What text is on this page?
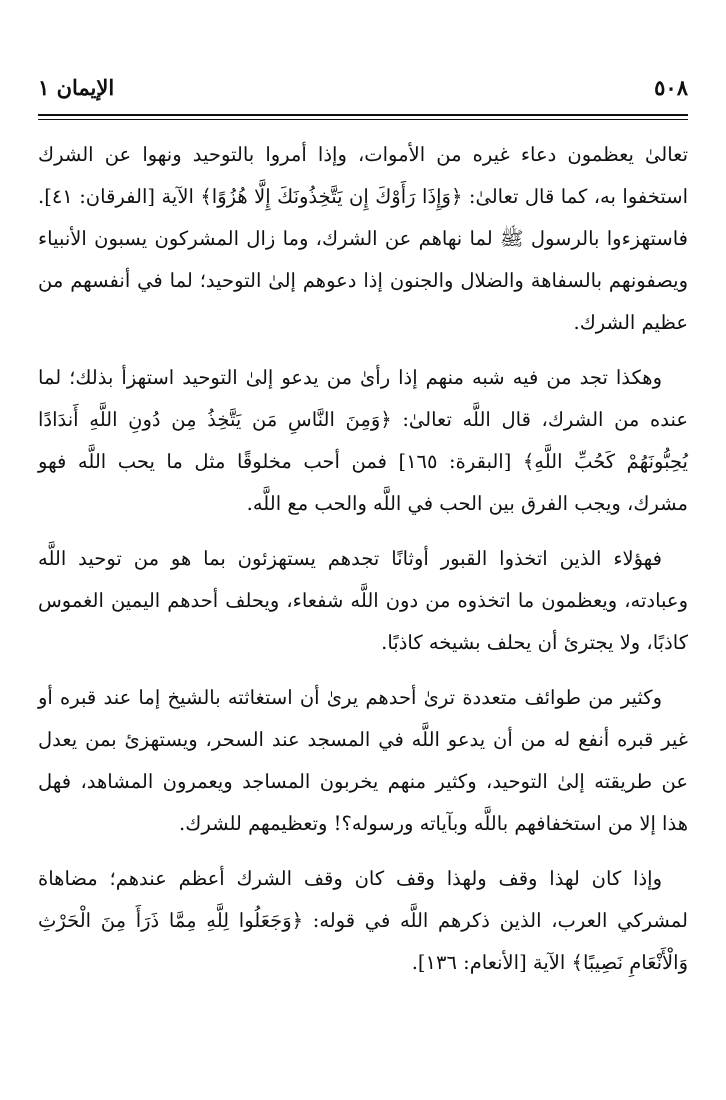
٥٠٨
الإيمان ١

تعالىٰ يعظمون دعاء غيره من الأموات، وإذا أمروا بالتوحيد ونهوا عن الشرك استخفوا به، كما قال تعالىٰ: ﴿وَإِذَا رَأَوْكَ إِن يَتَّخِذُونَكَ إِلَّا هُزُوًا﴾ الآية [الفرقان: ٤١]. فاستهزءوا بالرسول ﷺ لما نهاهم عن الشرك، وما زال المشركون يسبون الأنبياء ويصفونهم بالسفاهة والضلال والجنون إذا دعوهم إلىٰ التوحيد؛ لما في أنفسهم من عظيم الشرك.

وهكذا تجد من فيه شبه منهم إذا رأىٰ من يدعو إلىٰ التوحيد استهزأ بذلك؛ لما عنده من الشرك، قال اللَّه تعالىٰ: ﴿وَمِنَ النَّاسِ مَن يَتَّخِذُ مِن دُونِ اللَّهِ أَندَادًا يُحِبُّونَهُمْ كَحُبِّ اللَّهِ﴾ [البقرة: ١٦٥] فمن أحب مخلوقًا مثل ما يحب اللَّه فهو مشرك، ويجب الفرق بين الحب في اللَّه والحب مع اللَّه.

فهؤلاء الذين اتخذوا القبور أوثانًا تجدهم يستهزئون بما هو من توحيد اللَّه وعبادته، ويعظمون ما اتخذوه من دون اللَّه شفعاء، ويحلف أحدهم اليمين الغموس كاذبًا، ولا يجترئ أن يحلف بشيخه كاذبًا.

وكثير من طوائف متعددة ترىٰ أحدهم يرىٰ أن استغاثته بالشيخ إما عند قبره أو غير قبره أنفع له من أن يدعو اللَّه في المسجد عند السحر، ويستهزئ بمن يعدل عن طريقته إلىٰ التوحيد، وكثير منهم يخربون المساجد ويعمرون المشاهد، فهل هذا إلا من استخفافهم باللَّه وبآياته ورسوله؟! وتعظيمهم للشرك.

وإذا كان لهذا وقف ولهذا وقف كان وقف الشرك أعظم عندهم؛ مضاهاة لمشركي العرب، الذين ذكرهم اللَّه في قوله: ﴿وَجَعَلُوا لِلَّهِ مِمَّا ذَرَأَ مِنَ الْحَرْثِ وَالْأَنْعَامِ نَصِيبًا﴾ الآية [الأنعام: ١٣٦].
